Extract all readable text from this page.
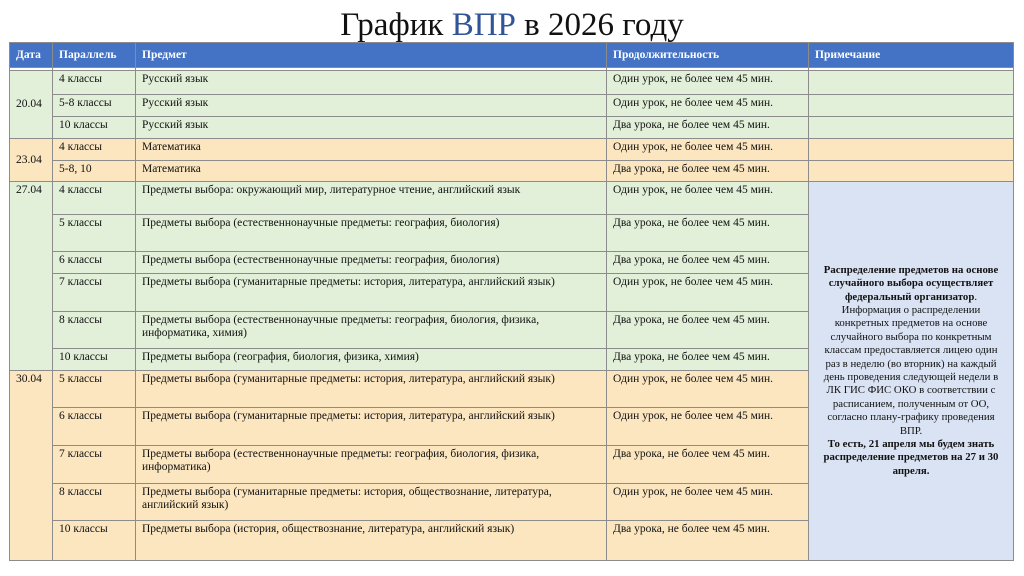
График ВПР в 2026 году
Дата	Параллель	Предмет	Продолжительность	Примечание

20.04	4 классы	Русский язык	Один урок, не более чем 45 мин.	
	5-8 классы	Русский язык	Один урок, не более чем 45 мин.	
	10 классы	Русский язык	Два урока, не более чем 45 мин.	
23.04	4 классы	Математика	Один урок, не более чем 45 мин.	
	5-8, 10	Математика	Два урока, не более чем 45 мин.	
27.04	4 классы	Предметы выбора: окружающий мир, литературное чтение, английский язык	Один урок, не более чем 45 мин.	Распределение предметов на основе случайного выбора осуществляет федеральный организатор.
Информация о распределении конкретных предметов на основе случайного выбора по конкретным классам предоставляется лицею один раз в неделю (во вторник) на каждый день проведения следующей недели в ЛК ГИС ФИС ОКО в соответствии с расписанием, полученным от ОО, согласно плану-графику проведения ВПР.
То есть, 21 апреля мы будем знать распределение предметов на 27 и 30 апреля.
	5 классы	Предметы выбора (естественнонаучные предметы: география, биология)	Два урока, не более чем 45 мин.	
	6 классы	Предметы выбора (естественнонаучные предметы: география, биология)	Два урока, не более чем 45 мин.	
	7 классы	Предметы выбора (гуманитарные предметы: история, литература, английский язык)	Один урок, не более чем 45 мин.	
	8 классы	Предметы выбора (естественнонаучные предметы: география, биология, физика, информатика, химия)	Два урока, не более чем 45 мин.	
	10 классы	Предметы выбора (география, биология, физика, химия)	Два урока, не более чем 45 мин.	
30.04	5 классы	Предметы выбора (гуманитарные предметы: история, литература, английский язык)	Один урок, не более чем 45 мин.	
	6 классы	Предметы выбора (гуманитарные предметы: история, литература, английский язык)	Один урок, не более чем 45 мин.	
	7 классы	Предметы выбора (естественнонаучные предметы: география, биология, физика, информатика)	Два урока, не более чем 45 мин.	
	8 классы	Предметы выбора (гуманитарные предметы: история, обществознание, литература, английский язык)	Один урок, не более чем 45 мин.	
	10 классы	Предметы выбора (история, обществознание, литература, английский язык)	Два урока, не более чем 45 мин.	
